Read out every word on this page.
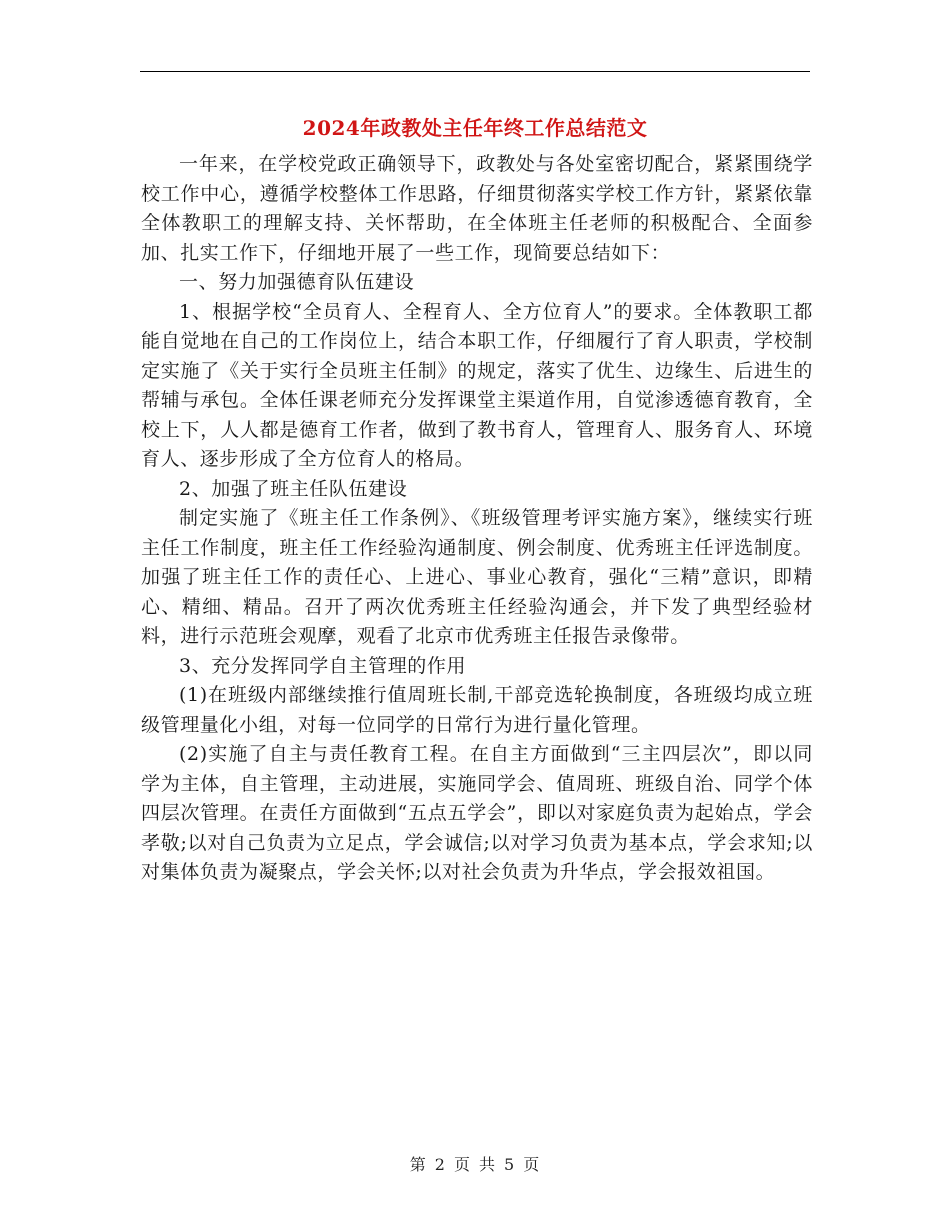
2024年政教处主任年终工作总结范文

一年来，在学校党政正确领导下，政教处与各处室密切配合，紧紧围绕学校工作中心，遵循学校整体工作思路，仔细贯彻落实学校工作方针，紧紧依靠全体教职工的理解支持、关怀帮助，在全体班主任老师的积极配合、全面参加、扎实工作下，仔细地开展了一些工作，现简要总结如下：

一、努力加强德育队伍建设

1、根据学校“全员育人、全程育人、全方位育人”的要求。全体教职工都能自觉地在自己的工作岗位上，结合本职工作，仔细履行了育人职责，学校制定实施了《关于实行全员班主任制》的规定，落实了优生、边缘生、后进生的帮辅与承包。全体任课老师充分发挥课堂主渠道作用，自觉渗透德育教育，全校上下，人人都是德育工作者，做到了教书育人，管理育人、服务育人、环境育人、逐步形成了全方位育人的格局。

2、加强了班主任队伍建设

制定实施了《班主任工作条例》、《班级管理考评实施方案》，继续实行班主任工作制度，班主任工作经验沟通制度、例会制度、优秀班主任评选制度。加强了班主任工作的责任心、上进心、事业心教育，强化“三精”意识，即精心、精细、精品。召开了两次优秀班主任经验沟通会，并下发了典型经验材料，进行示范班会观摩，观看了北京市优秀班主任报告录像带。

3、充分发挥同学自主管理的作用

(1)在班级内部继续推行值周班长制,干部竞选轮换制度，各班级均成立班级管理量化小组，对每一位同学的日常行为进行量化管理。

(2)实施了自主与责任教育工程。在自主方面做到“三主四层次”，即以同学为主体，自主管理，主动进展，实施同学会、值周班、班级自治、同学个体四层次管理。在责任方面做到“五点五学会”，即以对家庭负责为起始点，学会孝敬;以对自己负责为立足点，学会诚信;以对学习负责为基本点，学会求知;以对集体负责为凝聚点，学会关怀;以对社会负责为升华点，学会报效祖国。

第 2 页 共 5 页
